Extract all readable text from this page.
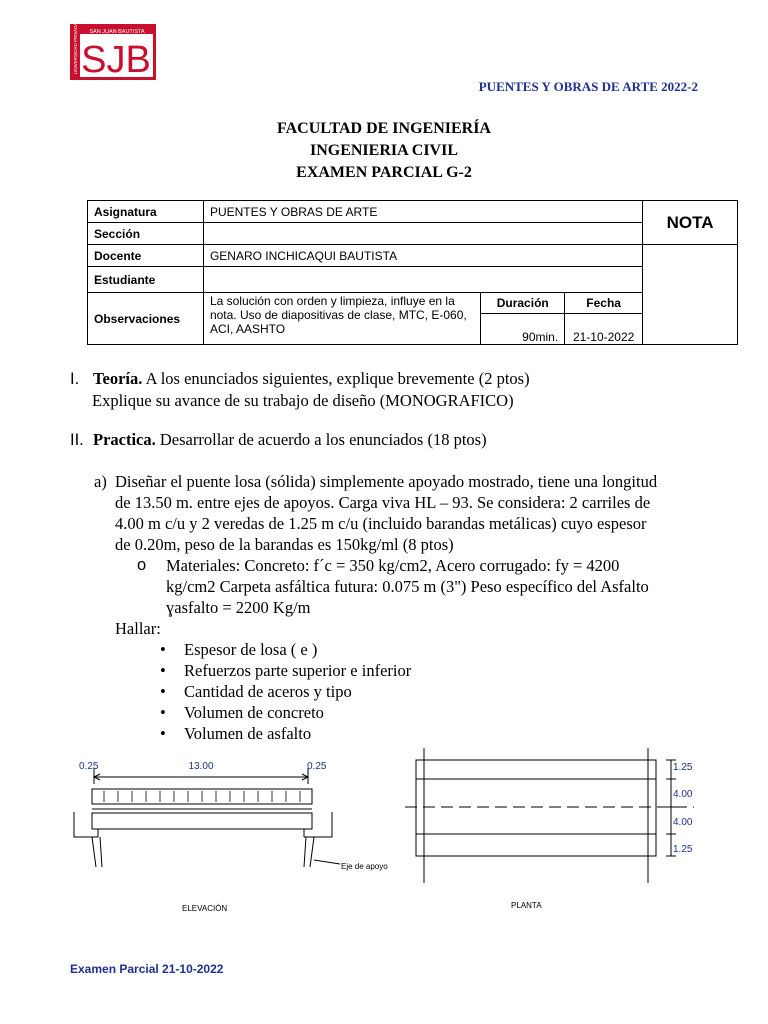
SAN JUAN BAUTISTA
UNIVERSIDAD PRIVADA SJB
PUENTES Y OBRAS DE ARTE 2022-2
FACULTAD DE INGENIERÍA
INGENIERIA CIVIL
EXAMEN PARCIAL G-2
Asignatura	PUENTES Y OBRAS DE ARTE			NOTA
Sección				
Docente	GENARO INCHICAQUI BAUTISTA			
Estudiante				
Observaciones	La solución con orden y limpieza, influye en la nota. Uso de diapositivas de clase, MTC, E-060, ACI, AASHTO	Duración	Fecha	
		90min.	21-10-2022	
I. Teoría. A los enunciados siguientes, explique brevemente (2 ptos)
Explique su avance de su trabajo de diseño (MONOGRAFICO)
II. Practica. Desarrollar de acuerdo a los enunciados (18 ptos)
a) Diseñar el puente losa (sólida) simplemente apoyado mostrado, tiene una longitud
de 13.50 m. entre ejes de apoyos. Carga viva HL – 93. Se considera: 2 carriles de
4.00 m c/u y 2 veredas de 1.25 m c/u (incluido barandas metálicas) cuyo espesor
de 0.20m, peso de la barandas es 150kg/ml (8 ptos)
o Materiales: Concreto: f´c = 350 kg/cm2, Acero corrugado: fy = 4200
kg/cm2 Carpeta asfáltica futura: 0.075 m (3") Peso específico del Asfalto
ɣasfalto = 2200 Kg/m
Hallar:
• Espesor de losa ( e )
• Refuerzos parte superior e inferior
• Cantidad de aceros y tipo
• Volumen de concreto
• Volumen de asfalto
0.25	13.00	0.25
Eje de apoyo
ELEVACIÓN
1.25
4.00
4.00
1.25
PLANTA
Examen Parcial 21-10-2022
